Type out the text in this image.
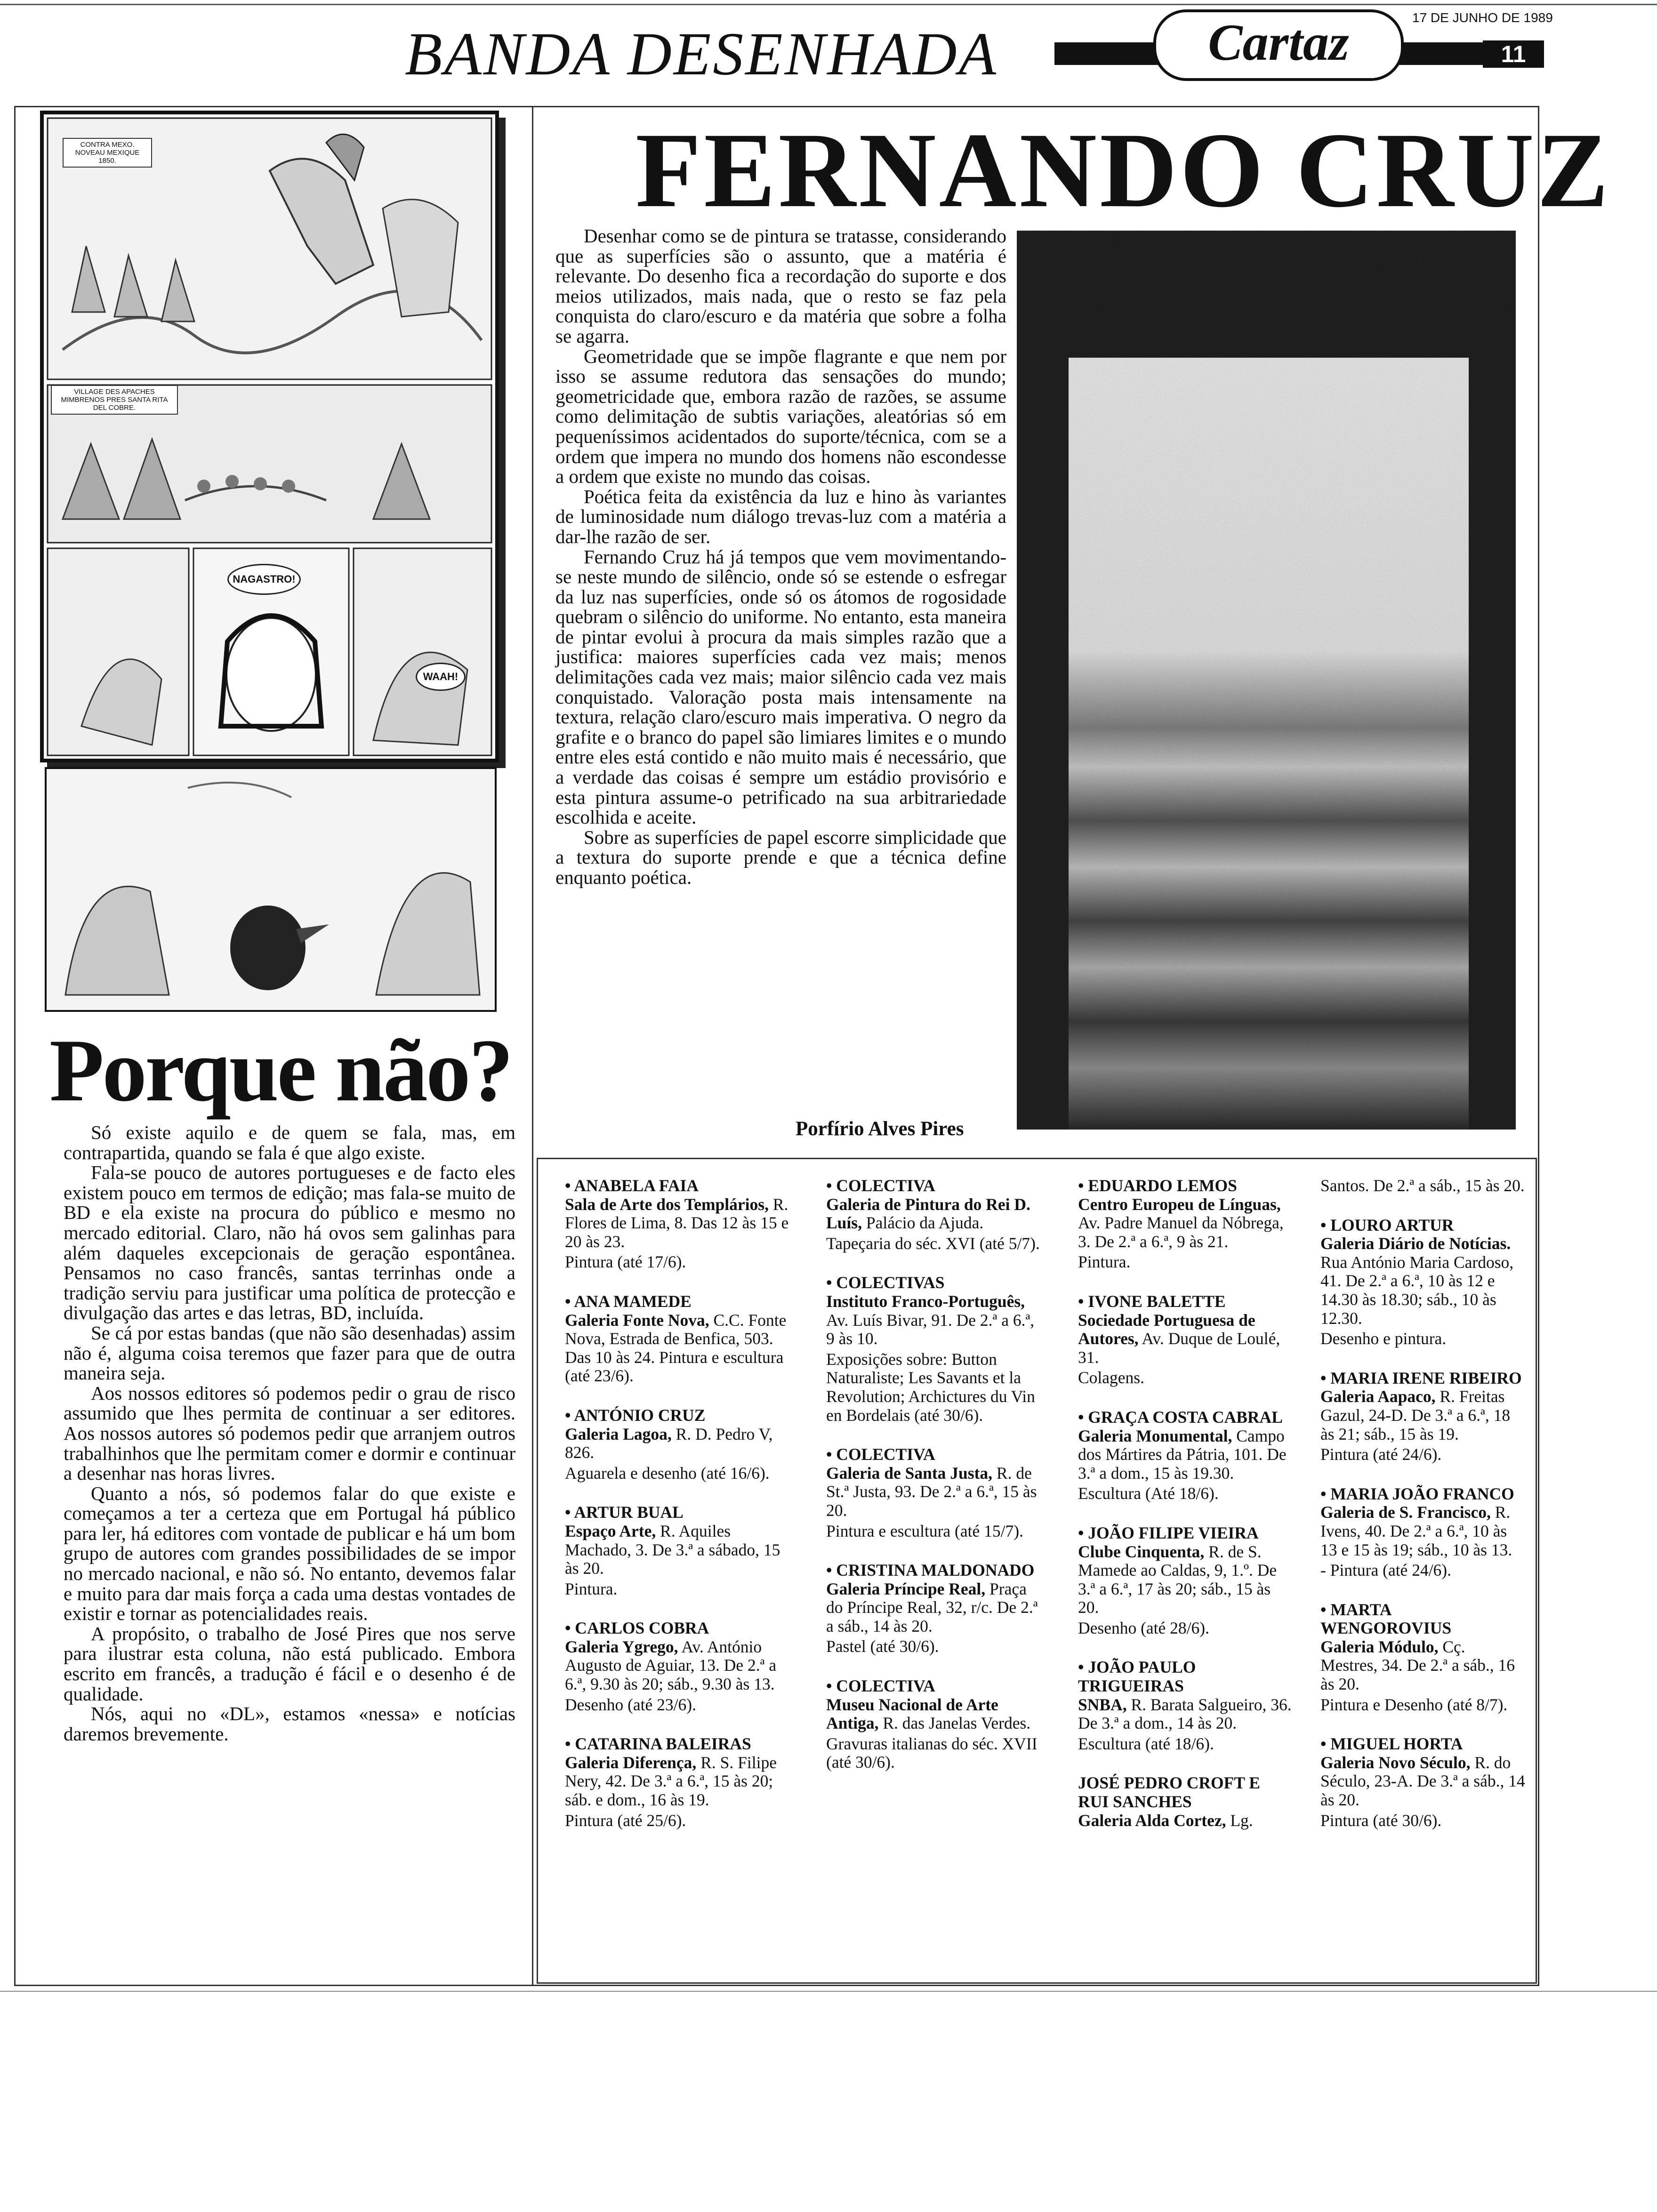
BANDA DESENHADA	Cartaz	17 DE JUNHO DE 1989
11
CONTRA MEXO. NOVEAU MEXIQUE 1850.
VILLAGE DES APACHES MIMBRENOS PRES SANTA RITA DEL COBRE.
NAGASTRO!
WAAH!
Porque não?

Só existe aquilo e de quem se fala, mas, em contrapartida, quando se fala é que algo existe.

Fala-se pouco de autores portugueses e de facto eles existem pouco em termos de edição; mas fala-se muito de BD e ela existe na procura do público e mesmo no mercado editorial. Claro, não há ovos sem galinhas para além daqueles excepcionais de geração espontânea. Pensamos no caso francês, santas terrinhas onde a tradição serviu para justificar uma política de protecção e divulgação das artes e das letras, BD, incluída.

Se cá por estas bandas (que não são desenhadas) assim não é, alguma coisa teremos que fazer para que de outra maneira seja.

Aos nossos editores só podemos pedir o grau de risco assumido que lhes permita de continuar a ser editores. Aos nossos autores só podemos pedir que arranjem outros trabalhinhos que lhe permitam comer e dormir e continuar a desenhar nas horas livres.

Quanto a nós, só podemos falar do que existe e começamos a ter a certeza que em Portugal há público para ler, há editores com vontade de publicar e há um bom grupo de autores com grandes possibilidades de se impor no mercado nacional, e não só. No entanto, devemos falar e muito para dar mais força a cada uma destas vontades de existir e tornar as potencialidades reais.

A propósito, o trabalho de José Pires que nos serve para ilustrar esta coluna, não está publicado. Embora escrito em francês, a tradução é fácil e o desenho é de qualidade.

Nós, aqui no «DL», estamos «nessa» e notícias daremos brevemente.

FERNANDO CRUZ

Desenhar como se de pintura se tratasse, considerando que as superfícies são o assunto, que a matéria é relevante. Do desenho fica a recordação do suporte e dos meios utilizados, mais nada, que o resto se faz pela conquista do claro/escuro e da matéria que sobre a folha se agarra.

Geometridade que se impõe flagrante e que nem por isso se assume redutora das sensações do mundo; geometricidade que, embora razão de razões, se assume como delimitação de subtis variações, aleatórias só em pequeníssimos acidentados do suporte/técnica, com se a ordem que impera no mundo dos homens não escondesse a ordem que existe no mundo das coisas.

Poética feita da existência da luz e hino às variantes de luminosidade num diálogo trevas-luz com a matéria a dar-lhe razão de ser.

Fernando Cruz há já tempos que vem movimentando-se neste mundo de silêncio, onde só se estende o esfregar da luz nas superfícies, onde só os átomos de rogosidade quebram o silêncio do uniforme. No entanto, esta maneira de pintar evolui à procura da mais simples razão que a justifica: maiores superfícies cada vez mais; menos delimitações cada vez mais; maior silêncio cada vez mais conquistado. Valoração posta mais intensamente na textura, relação claro/escuro mais imperativa. O negro da grafite e o branco do papel são limiares limites e o mundo entre eles está contido e não muito mais é necessário, que a verdade das coisas é sempre um estádio provisório e esta pintura assume-o petrificado na sua arbitrariedade escolhida e aceite.

Sobre as superfícies de papel escorre simplicidade que a textura do suporte prende e que a técnica define enquanto poética.

Porfírio Alves Pires
• ANABELA FAIA
Sala de Arte dos Templários, R. Flores de Lima, 8. Das 12 às 15 e 20 às 23.
Pintura (até 17/6).
• ANA MAMEDE
Galeria Fonte Nova, C.C. Fonte Nova, Estrada de Benfica, 503. Das 10 às 24. Pintura e escultura (até 23/6).
• ANTÓNIO CRUZ
Galeria Lagoa, R. D. Pedro V, 826.
Aguarela e desenho (até 16/6).
• ARTUR BUAL
Espaço Arte, R. Aquiles Machado, 3. De 3.ª a sábado, 15 às 20.
Pintura.
• CARLOS COBRA
Galeria Ygrego, Av. António Augusto de Aguiar, 13. De 2.ª a 6.ª, 9.30 às 20; sáb., 9.30 às 13.
Desenho (até 23/6).
• CATARINA BALEIRAS
Galeria Diferença, R. S. Filipe Nery, 42. De 3.ª a 6.ª, 15 às 20; sáb. e dom., 16 às 19.
Pintura (até 25/6).
• COLECTIVA
Galeria de Pintura do Rei D. Luís, Palácio da Ajuda.
Tapeçaria do séc. XVI (até 5/7).
• COLECTIVAS
Instituto Franco-Português, Av. Luís Bivar, 91. De 2.ª a 6.ª, 9 às 10.
Exposições sobre: Button Naturaliste; Les Savants et la Revolution; Archictures du Vin en Bordelais (até 30/6).
• COLECTIVA
Galeria de Santa Justa, R. de St.ª Justa, 93. De 2.ª a 6.ª, 15 às 20.
Pintura e escultura (até 15/7).
• CRISTINA MALDONADO
Galeria Príncipe Real, Praça do Príncipe Real, 32, r/c. De 2.ª a sáb., 14 às 20.
Pastel (até 30/6).
• COLECTIVA
Museu Nacional de Arte Antiga, R. das Janelas Verdes.
Gravuras italianas do séc. XVII (até 30/6).
• EDUARDO LEMOS
Centro Europeu de Línguas, Av. Padre Manuel da Nóbrega, 3. De 2.ª a 6.ª, 9 às 21.
Pintura.
• IVONE BALETTE
Sociedade Portuguesa de Autores, Av. Duque de Loulé, 31.
Colagens.
• GRAÇA COSTA CABRAL
Galeria Monumental, Campo dos Mártires da Pátria, 101. De 3.ª a dom., 15 às 19.30.
Escultura (Até 18/6).
• JOÃO FILIPE VIEIRA
Clube Cinquenta, R. de S. Mamede ao Caldas, 9, 1.º. De 3.ª a 6.ª, 17 às 20; sáb., 15 às 20.
Desenho (até 28/6).
• JOÃO PAULO TRIGUEIRAS
SNBA, R. Barata Salgueiro, 36. De 3.ª a dom., 14 às 20.
Escultura (até 18/6).
JOSÉ PEDRO CROFT E RUI SANCHES
Galeria Alda Cortez, Lg.
Santos. De 2.ª a sáb., 15 às 20.
• LOURO ARTUR
Galeria Diário de Notícias. Rua António Maria Cardoso, 41. De 2.ª a 6.ª, 10 às 12 e 14.30 às 18.30; sáb., 10 às 12.30.
Desenho e pintura.
• MARIA IRENE RIBEIRO
Galeria Aapaco, R. Freitas Gazul, 24-D. De 3.ª a 6.ª, 18 às 21; sáb., 15 às 19.
Pintura (até 24/6).
• MARIA JOÃO FRANCO
Galeria de S. Francisco, R. Ivens, 40. De 2.ª a 6.ª, 10 às 13 e 15 às 19; sáb., 10 às 13.
- Pintura (até 24/6).
• MARTA WENGOROVIUS
Galeria Módulo, Cç. Mestres, 34. De 2.ª a sáb., 16 às 20.
Pintura e Desenho (até 8/7).
• MIGUEL HORTA
Galeria Novo Século, R. do Século, 23-A. De 3.ª a sáb., 14 às 20.
Pintura (até 30/6).
